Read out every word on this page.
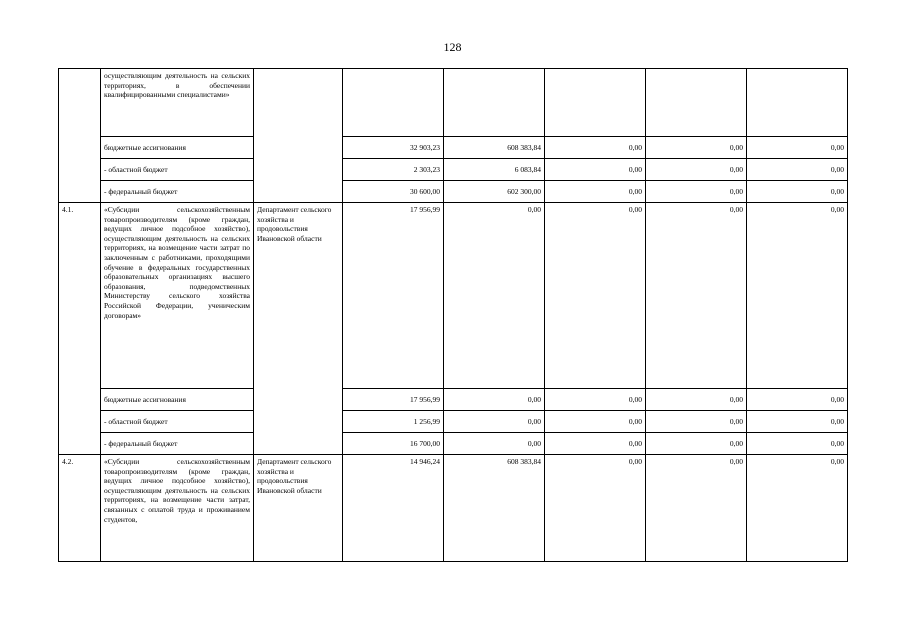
128
	осуществляющим деятельность на сельских территориях, в обеспечении квалифицированными специалистами»						
	бюджетные ассигнования		32 903,23	608 383,84	0,00	0,00	0,00
	- областной бюджет		2 303,23	6 083,84	0,00	0,00	0,00
	- федеральный бюджет		30 600,00	602 300,00	0,00	0,00	0,00
4.1.	«Субсидии сельскохозяйственным товаропроизводителям (кроме граждан, ведущих личное подсобное хозяйство), осуществляющим деятельность на сельских территориях, на возмещение части затрат по заключенным с работниками, проходящими обучение в федеральных государственных образовательных организациях высшего образования, подведомственных Министерству сельского хозяйства Российской Федерации, ученическим договорам»	Департамент сельского хозяйства и продовольствия Ивановской области	17 956,99	0,00	0,00	0,00	0,00
	бюджетные ассигнования		17 956,99	0,00	0,00	0,00	0,00
	- областной бюджет		1 256,99	0,00	0,00	0,00	0,00
	- федеральный бюджет		16 700,00	0,00	0,00	0,00	0,00
4.2.	«Субсидии сельскохозяйственным товаропроизводителям (кроме граждан, ведущих личное подсобное хозяйство), осуществляющим деятельность на сельских территориях, на возмещение части затрат, связанных с оплатой труда и проживанием студентов,	Департамент сельского хозяйства и продовольствия Ивановской области	14 946,24	608 383,84	0,00	0,00	0,00
